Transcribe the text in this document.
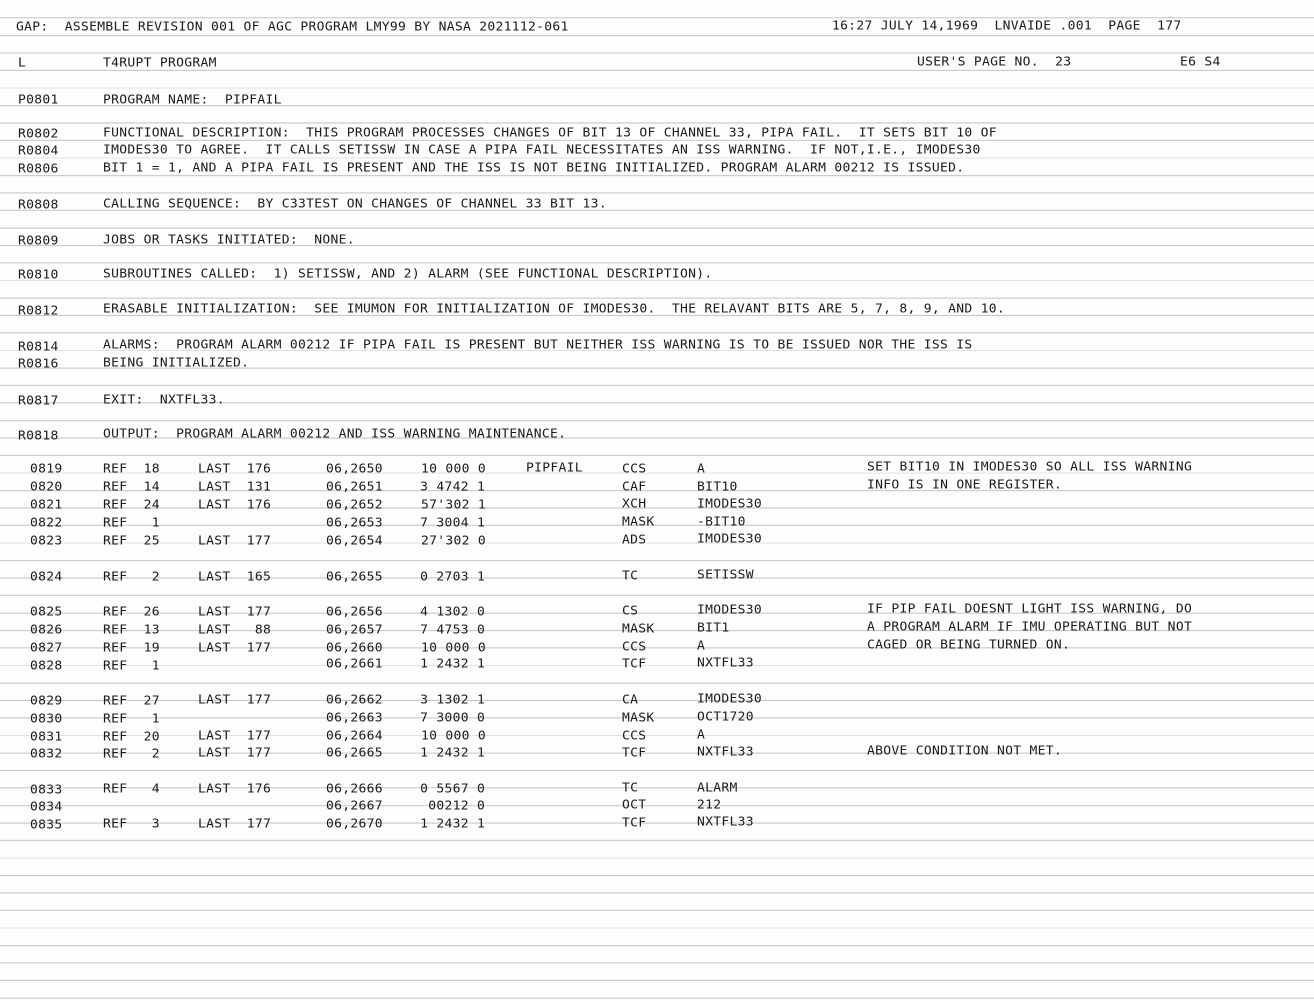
GAP:  ASSEMBLE REVISION 001 OF AGC PROGRAM LMY99 BY NASA 2021112-061	16:27 JULY 14,1969  LNVAIDE .001  PAGE  177
L	T4RUPT PROGRAM	USER'S PAGE NO.  23	E6 S4
P0801	PROGRAM NAME:  PIPFAIL
R0802	FUNCTIONAL DESCRIPTION:  THIS PROGRAM PROCESSES CHANGES OF BIT 13 OF CHANNEL 33, PIPA FAIL.  IT SETS BIT 10 OF
R0804	IMODES30 TO AGREE.  IT CALLS SETISSW IN CASE A PIPA FAIL NECESSITATES AN ISS WARNING.  IF NOT,I.E., IMODES30
R0806	BIT 1 = 1, AND A PIPA FAIL IS PRESENT AND THE ISS IS NOT BEING INITIALIZED. PROGRAM ALARM 00212 IS ISSUED.
R0808	CALLING SEQUENCE:  BY C33TEST ON CHANGES OF CHANNEL 33 BIT 13.
R0809	JOBS OR TASKS INITIATED:  NONE.
R0810	SUBROUTINES CALLED:  1) SETISSW, AND 2) ALARM (SEE FUNCTIONAL DESCRIPTION).
R0812	ERASABLE INITIALIZATION:  SEE IMUMON FOR INITIALIZATION OF IMODES30.  THE RELAVANT BITS ARE 5, 7, 8, 9, AND 10.
R0814	ALARMS:  PROGRAM ALARM 00212 IF PIPA FAIL IS PRESENT BUT NEITHER ISS WARNING IS TO BE ISSUED NOR THE ISS IS
R0816	BEING INITIALIZED.
R0817	EXIT:  NXTFL33.
R0818	OUTPUT:  PROGRAM ALARM 00212 AND ISS WARNING MAINTENANCE.
0819	REF  18	LAST  176	06,2650	10 000 0	PIPFAIL	CCS	A	SET BIT10 IN IMODES30 SO ALL ISS WARNING
0820	REF  14	LAST  131	06,2651 3 4742 1	CAF	BIT10	INFO IS IN ONE REGISTER.
0821	REF  24	LAST  176	06,2652	57'302 1	XCH	IMODES30
0822	REF   1	06,2653 7 3004 1	MASK	-BIT10
0823	REF  25	LAST  177	06,2654	27'302 0	ADS	IMODES30
0824	REF   2	LAST  165	06,2655 0 2703 1	TC	SETISSW
0825	REF  26	LAST  177	06,2656 4 1302 0	CS	IMODES30	IF PIP FAIL DOESNT LIGHT ISS WARNING, DO
0826	REF  13	LAST   88	06,2657 7 4753 0	MASK	BIT1	A PROGRAM ALARM IF IMU OPERATING BUT NOT
0827	REF  19	LAST  177	06,2660	10 000 0	CCS	A	CAGED OR BEING TURNED ON.
0828	REF   1	06,2661 1 2432 1	TCF	NXTFL33
0829	REF  27	LAST  177	06,2662 3 1302 1	CA	IMODES30
0830	REF   1	06,2663 7 3000 0	MASK	OCT1720
0831	REF  20	LAST  177	06,2664	10 000 0	CCS	A
0832	REF   2	LAST  177	06,2665 1 2432 1	TCF	NXTFL33	ABOVE CONDITION NOT MET.
0833	REF   4	LAST  176	06,2666 0 5567 0	TC	ALARM
0834	06,2667 00212 0	OCT	212
0835	REF   3	LAST  177	06,2670 1 2432 1	TCF	NXTFL33
